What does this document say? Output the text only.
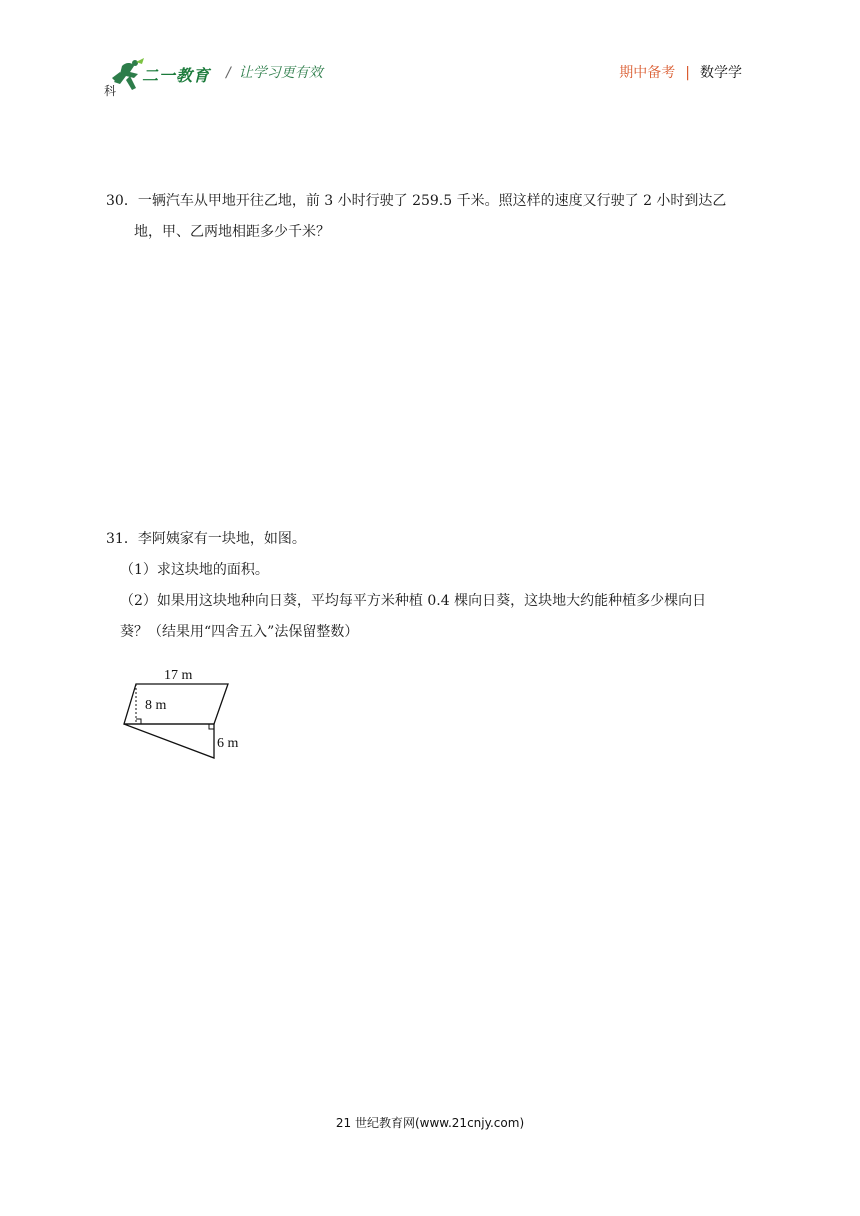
二一教育
科
/ 让学习更有效	期中备考 | 数学学
30．一辆汽车从甲地开往乙地，前 3 小时行驶了 259.5 千米。照这样的速度又行驶了 2 小时到达乙
地，甲、乙两地相距多少千米？
31．李阿姨家有一块地，如图。
（1）求这块地的面积。
（2）如果用这块地种向日葵，平均每平方米种植 0.4 棵向日葵，这块地大约能种植多少棵向日
葵？（结果用“四舍五入”法保留整数）
17 m
8 m
6 m
21 世纪教育网(www.21cnjy.com)
